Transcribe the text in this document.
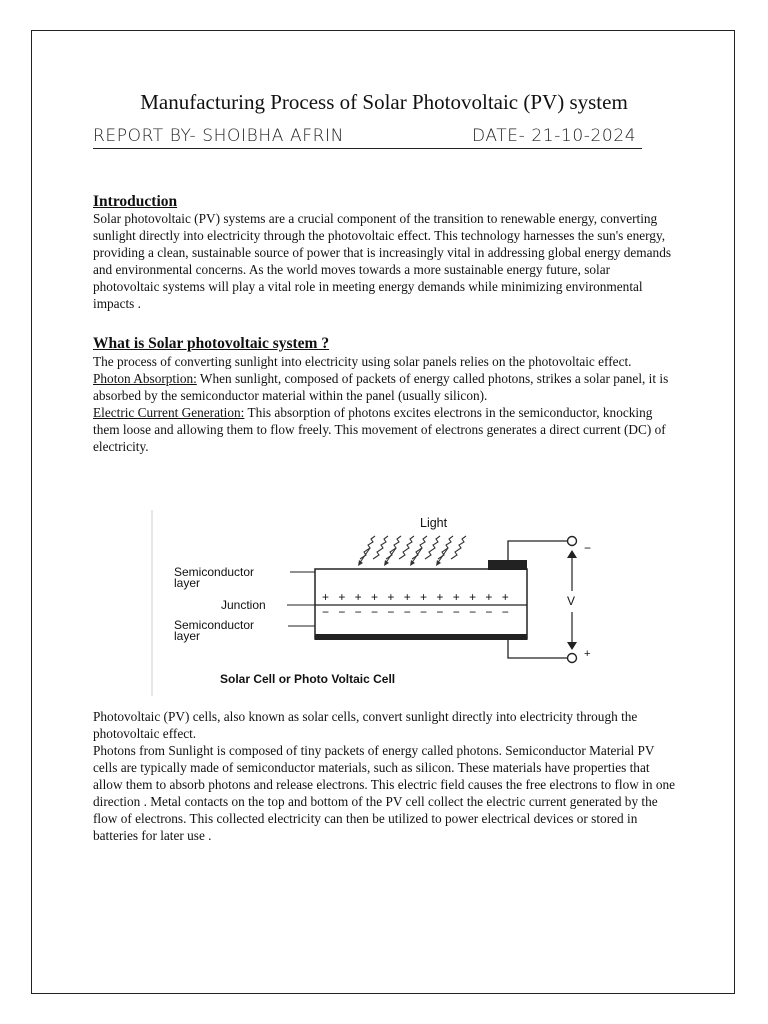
Manufacturing Process of Solar Photovoltaic (PV) system
REPORT BY- SHOIBHA AFRIN	DATE- 21-10-2024
Introduction
Solar photovoltaic (PV) systems are a crucial component of the transition to renewable energy, converting sunlight directly into electricity through the photovoltaic effect. This technology harnesses the sun's energy, providing a clean, sustainable source of power that is increasingly vital in addressing global energy demands and environmental concerns. As the world moves towards a more sustainable energy future, solar photovoltaic systems will play a vital role in meeting energy demands while minimizing environmental impacts .
What is Solar photovoltaic system ?
The process of converting sunlight into electricity using solar panels relies on the photovoltaic effect.
Photon Absorption: When sunlight, composed of packets of energy called photons, strikes a solar panel, it is absorbed by the semiconductor material within the panel (usually silicon).
Electric Current Generation: This absorption of photons excites electrons in the semiconductor, knocking them loose and allowing them to flow freely. This movement of electrons generates a direct current (DC) of electricity.
Light
+ + + + + + + + + + + +
− − − − − − − − − − − −
Semiconductor
layer
Junction
Semiconductor
layer
−
+
V
Solar Cell or Photo Voltaic Cell
Photovoltaic (PV) cells, also known as solar cells, convert sunlight directly into electricity through the photovoltaic effect.
Photons from Sunlight is composed of tiny packets of energy called photons. Semiconductor Material PV cells are typically made of semiconductor materials, such as silicon. These materials have properties that allow them to absorb photons and release electrons. This electric field causes the free electrons to flow in one direction . Metal contacts on the top and bottom of the PV cell collect the electric current generated by the flow of electrons. This collected electricity can then be utilized to power electrical devices or stored in batteries for later use .
